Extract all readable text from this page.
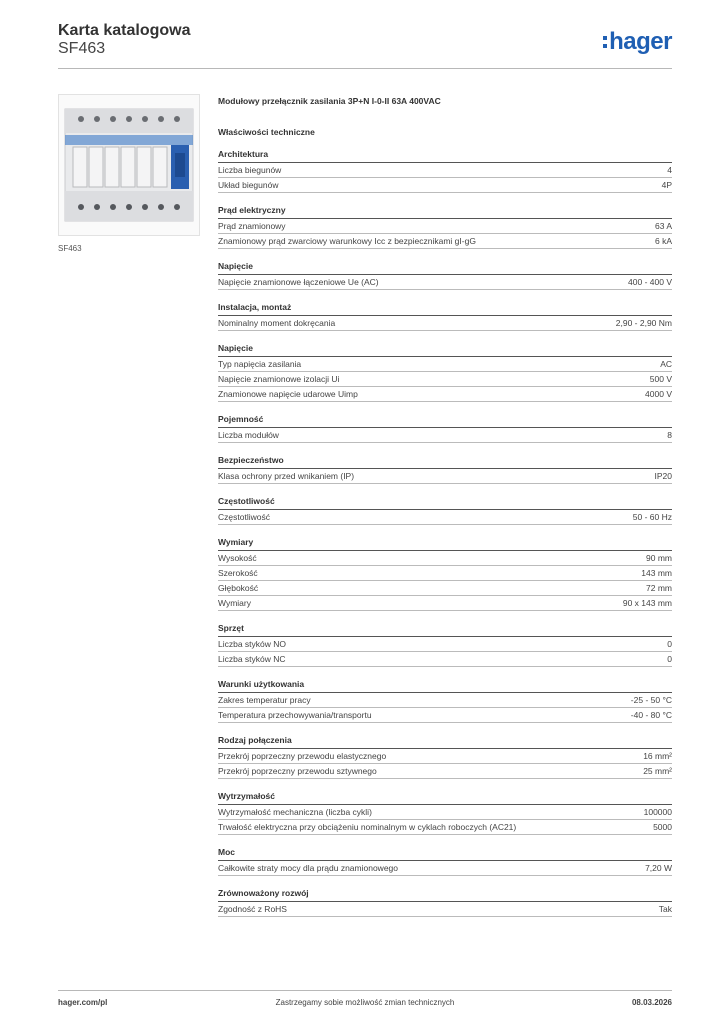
Karta katalogowa
SF463	hager
SF463
Modułowy przełącznik zasilania 3P+N I-0-II 63A 400VAC
Właściwości techniczne
Architektura
Liczba biegunów	4
Układ biegunów	4P
Prąd elektryczny
Prąd znamionowy	63 A
Znamionowy prąd zwarciowy warunkowy Icc z bezpiecznikami gI-gG	6 kA
Napięcie
Napięcie znamionowe łączeniowe Ue (AC)	400 - 400 V
Instalacja, montaż
Nominalny moment dokręcania	2,90 - 2,90 Nm
Napięcie
Typ napięcia zasilania	AC
Napięcie znamionowe izolacji Ui	500 V
Znamionowe napięcie udarowe Uimp	4000 V
Pojemność
Liczba modułów	8
Bezpieczeństwo
Klasa ochrony przed wnikaniem (IP)	IP20
Częstotliwość
Częstotliwość	50 - 60 Hz
Wymiary
Wysokość	90 mm
Szerokość	143 mm
Głębokość	72 mm
Wymiary	90 x 143 mm
Sprzęt
Liczba styków NO	0
Liczba styków NC	0
Warunki użytkowania
Zakres temperatur pracy	-25 - 50 °C
Temperatura przechowywania/transportu	-40 - 80 °C
Rodzaj połączenia
Przekrój poprzeczny przewodu elastycznego	16 mm²
Przekrój poprzeczny przewodu sztywnego	25 mm²
Wytrzymałość
Wytrzymałość mechaniczna (liczba cykli)	100000
Trwałość elektryczna przy obciążeniu nominalnym w cyklach roboczych (AC21)	5000
Moc
Całkowite straty mocy dla prądu znamionowego	7,20 W
Zrównoważony rozwój
Zgodność z RoHS	Tak
hager.com/pl	Zastrzegamy sobie możliwość zmian technicznych	08.03.2026
